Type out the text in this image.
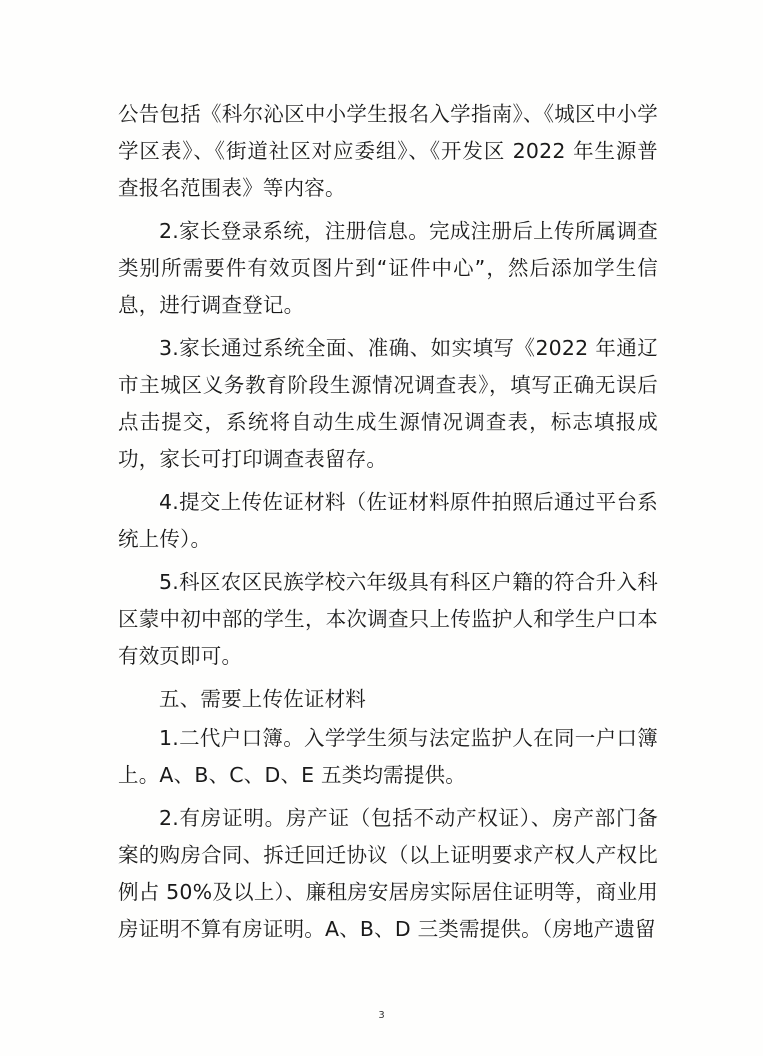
公告包括《科尔沁区中小学生报名入学指南》、《城区中小学学区表》、《街道社区对应委组》、《开发区 2022 年生源普查报名范围表》等内容。

2.家长登录系统，注册信息。完成注册后上传所属调查类别所需要件有效页图片到“证件中心”，然后添加学生信息，进行调查登记。

3.家长通过系统全面、准确、如实填写《2022 年通辽市主城区义务教育阶段生源情况调查表》，填写正确无误后点击提交，系统将自动生成生源情况调查表，标志填报成功，家长可打印调查表留存。

4.提交上传佐证材料（佐证材料原件拍照后通过平台系统上传）。

5.科区农区民族学校六年级具有科区户籍的符合升入科区蒙中初中部的学生，本次调查只上传监护人和学生户口本有效页即可。

五、需要上传佐证材料

1.二代户口簿。入学学生须与法定监护人在同一户口簿上。A、B、C、D、E 五类均需提供。

2.有房证明。房产证（包括不动产权证）、房产部门备案的购房合同、拆迁回迁协议（以上证明要求产权人产权比例占 50%及以上）、廉租房安居房实际居住证明等，商业用房证明不算有房证明。A、B、D 三类需提供。（房地产遗留

3
